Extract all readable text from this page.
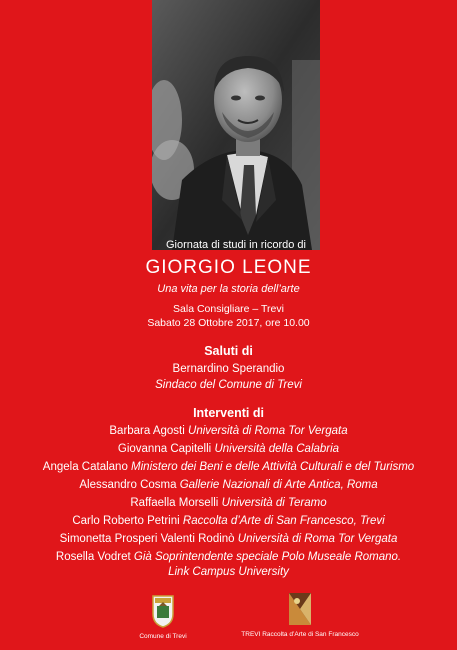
Giornata di studi in ricordo di
GIORGIO LEONE
Una vita per la storia dell’arte
Sala Consigliare – Trevi
Sabato 28 Ottobre 2017, ore 10.00
Saluti di
Bernardino Sperandio
Sindaco del Comune di Trevi
Interventi di
Barbara Agosti Università di Roma Tor Vergata
Giovanna Capitelli Università della Calabria
Angela Catalano Ministero dei Beni e delle Attività Culturali e del Turismo
Alessandro Cosma Gallerie Nazionali di Arte Antica, Roma
Raffaella Morselli Università di Teramo
Carlo Roberto Petrini Raccolta d’Arte di San Francesco, Trevi
Simonetta Prosperi Valenti Rodinò Università di Roma Tor Vergata
Rosella Vodret Già Soprintendente speciale Polo Museale Romano.
Link Campus University
Comune di Trevi	TREVI Raccolta d’Arte di San Francesco
